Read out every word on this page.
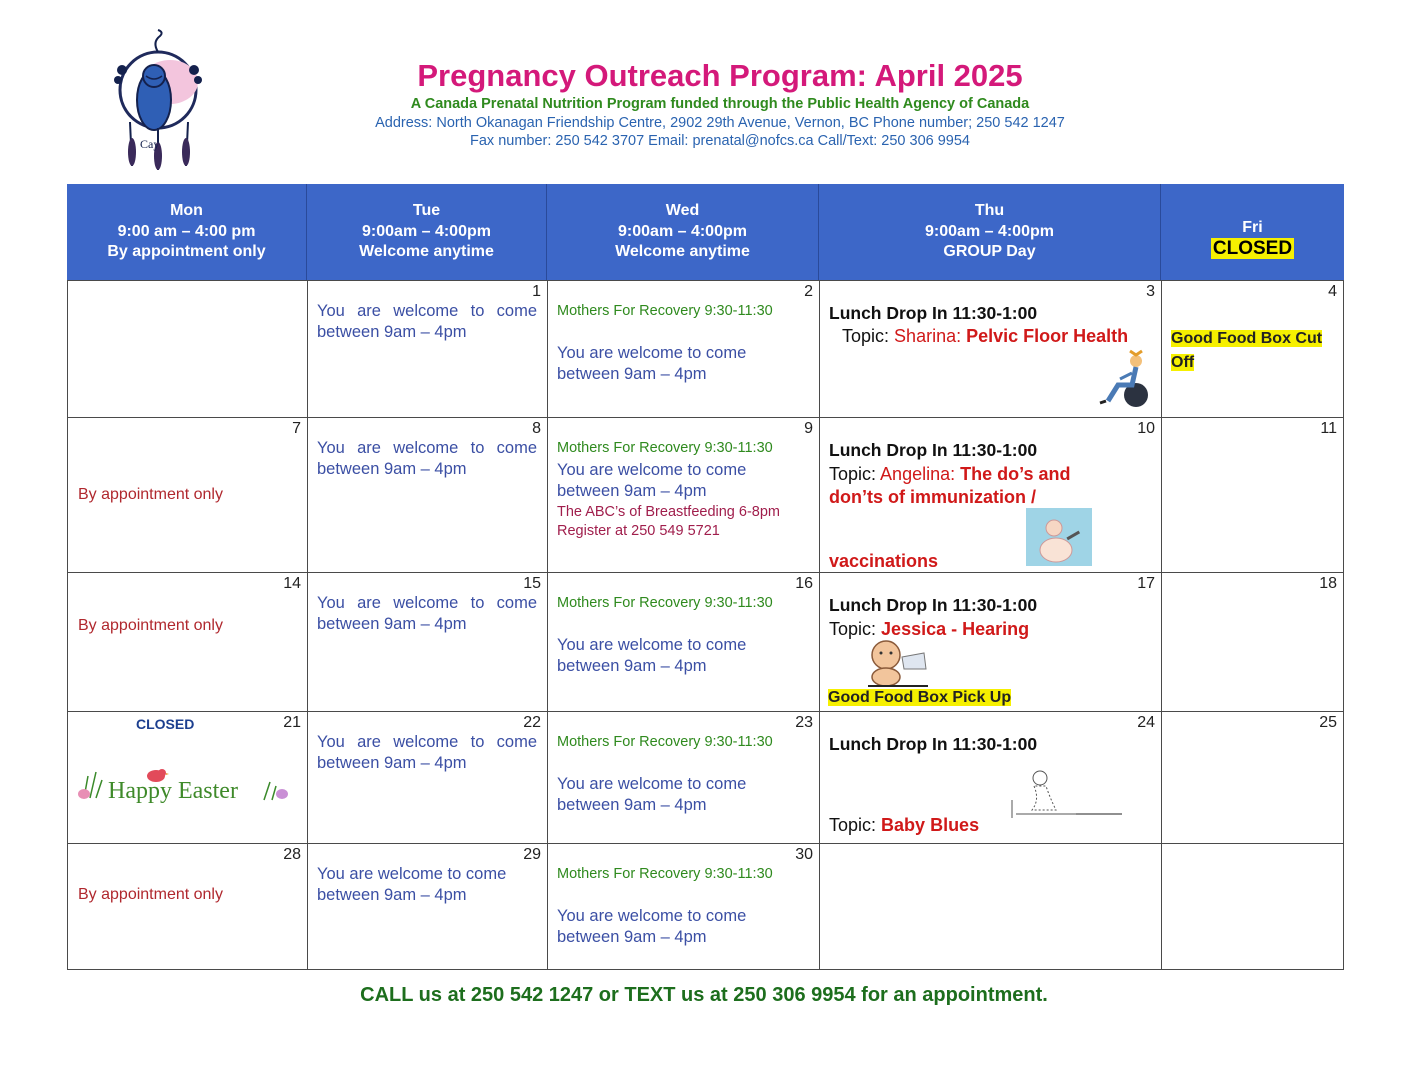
Cay
Pregnancy Outreach Program: April 2025
A Canada Prenatal Nutrition Program funded through the Public Health Agency of Canada
Address: North Okanagan Friendship Centre, 2902 29th Avenue, Vernon, BC Phone number; 250 542 1247
Fax number: 250 542 3707 Email: prenatal@nofcs.ca Call/Text: 250 306 9954
Mon
9:00 am – 4:00 pm
By appointment only
Tue
9:00am – 4:00pm
Welcome anytime
Wed
9:00am – 4:00pm
Welcome anytime
Thu
9:00am – 4:00pm
GROUP Day
Fri
CLOSED
1
You are welcome to come
between 9am – 4pm
2
Mothers For Recovery 9:30-11:30
You are welcome to come
between 9am – 4pm
3
Lunch Drop In 11:30-1:00
Topic: Sharina: Pelvic Floor Health
4
Good Food Box Cut
Off
7
By appointment only
8
You are welcome to come
between 9am – 4pm
9
Mothers For Recovery 9:30-11:30
You are welcome to come
between 9am – 4pm
The ABC’s of Breastfeeding 6-8pm
Register at 250 549 5721
10
Lunch Drop In 11:30-1:00
Topic: Angelina: The do’s and
don’ts of immunization /
vaccinations
11
14
By appointment only
15
You are welcome to come
between 9am – 4pm
16
Mothers For Recovery 9:30-11:30
You are welcome to come
between 9am – 4pm
17
Lunch Drop In 11:30-1:00
Topic: Jessica - Hearing
Good Food Box Pick Up
18
21
CLOSED
Happy Easter
22
You are welcome to come
between 9am – 4pm
23
Mothers For Recovery 9:30-11:30
You are welcome to come
between 9am – 4pm
24
Lunch Drop In 11:30-1:00
Topic: Baby Blues
25
28
By appointment only
29
You are welcome to come
between 9am – 4pm
30
Mothers For Recovery 9:30-11:30
You are welcome to come
between 9am – 4pm
CALL us at 250 542 1247 or TEXT us at 250 306 9954 for an appointment.
